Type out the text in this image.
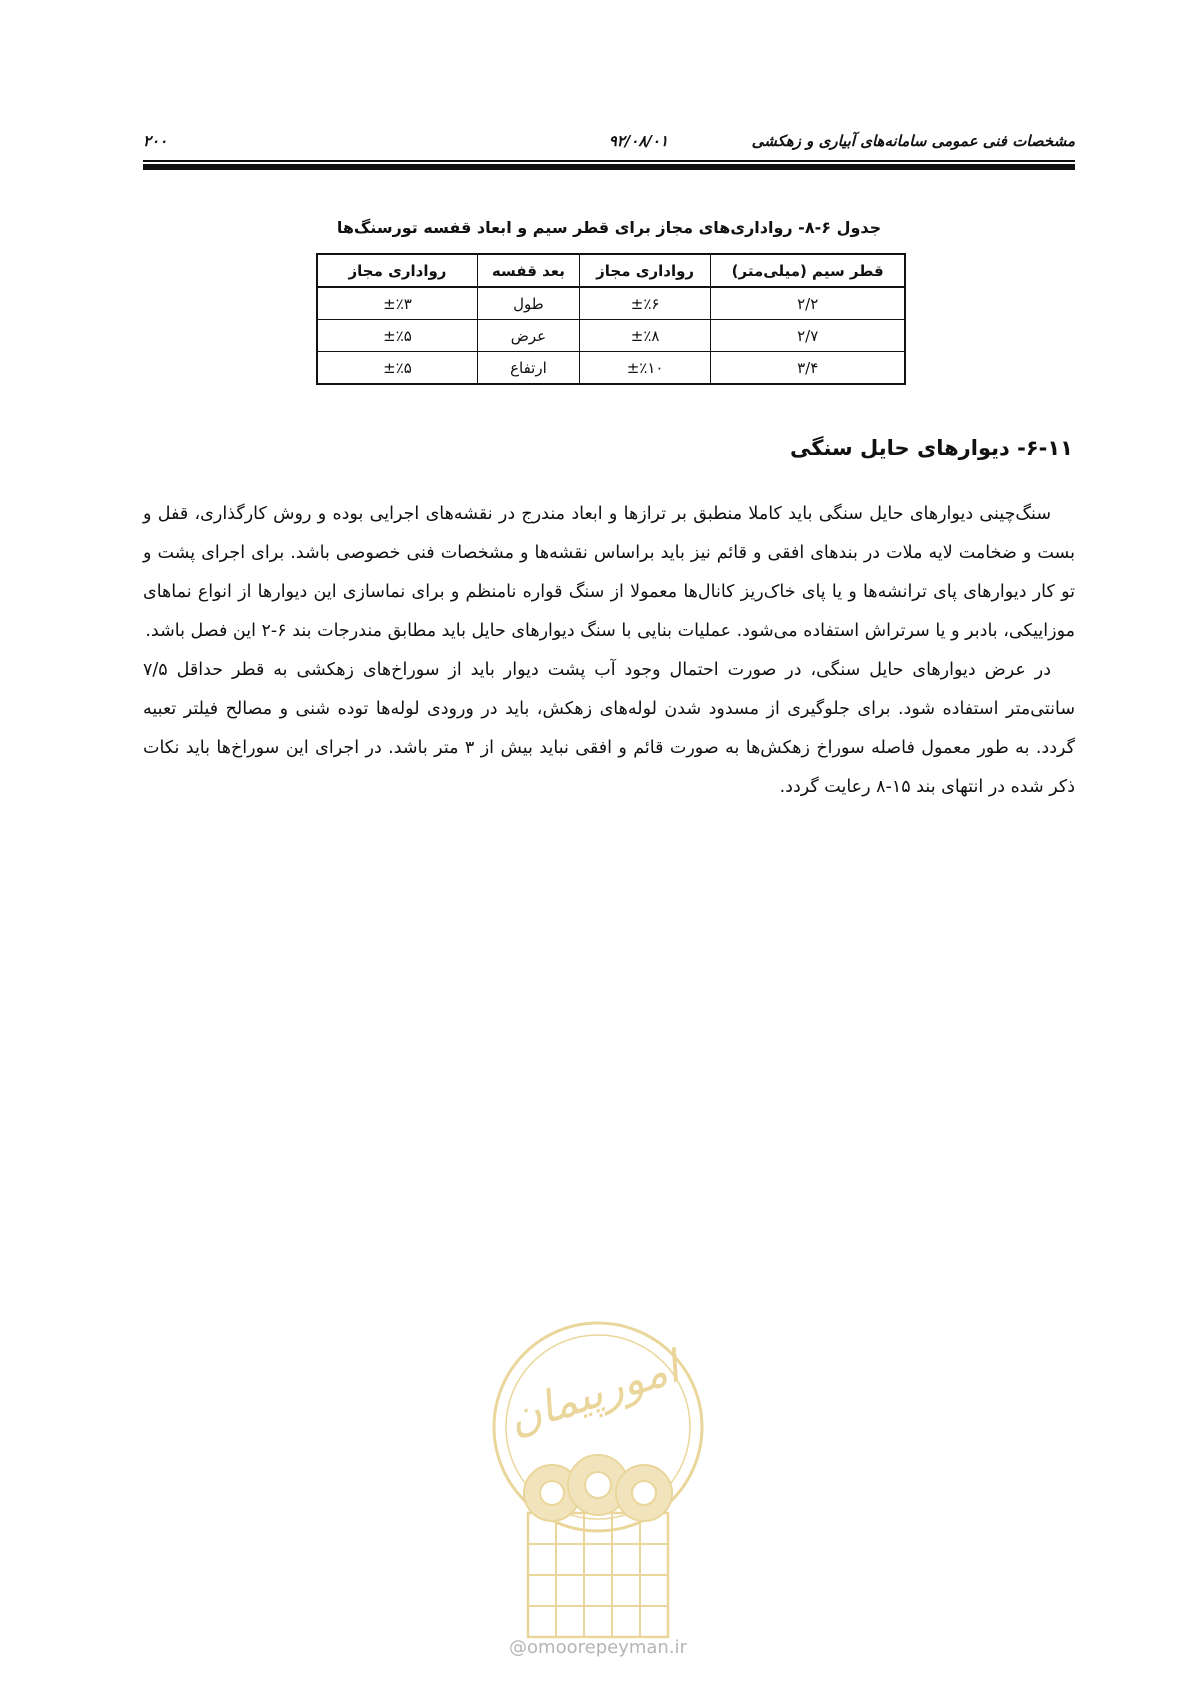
مشخصات فنی عمومی سامانه‌های آبیاری و زهکشی
۹۲/۰۸/۰۱
۲۰۰
جدول ۶-۸- رواداری‌های مجاز برای قطر سیم و ابعاد قفسه تورسنگ‌ها
قطر سیم (میلی‌متر)	رواداری مجاز	بعد قفسه	رواداری مجاز
۲/۲	±٪۶	طول	±٪۳
۲/۷	±٪۸	عرض	±٪۵
۳/۴	±٪۱۰	ارتفاع	±٪۵
۶-۱۱- دیوارهای حایل سنگی

سنگ‌چینی دیوارهای حایل سنگی باید کاملا منطبق بر ترازها و ابعاد مندرج در نقشه‌های اجرایی بوده و روش کارگذاری، قفل و بست و ضخامت لایه ملات در بندهای افقی و قائم نیز باید براساس نقشه‌ها و مشخصات فنی خصوصی باشد. برای اجرای پشت و تو کار دیوارهای پای ترانشه‌ها و یا پای خاک‌ریز کانال‌ها معمولا از سنگ قواره نامنظم و برای نماسازی این دیوارها از انواع نماهای موزاییکی، بادبر و یا سرتراش استفاده می‌شود. عملیات بنایی با سنگ دیوارهای حایل باید مطابق مندرجات بند ۶-۲ این فصل باشد.

در عرض دیوارهای حایل سنگی، در صورت احتمال وجود آب پشت دیوار باید از سوراخ‌های زهکشی به قطر حداقل ۷/۵ سانتی‌متر استفاده شود. برای جلوگیری از مسدود شدن لوله‌های زهکش، باید در ورودی لوله‌ها توده شنی و مصالح فیلتر تعبیه گردد. به طور معمول فاصله سوراخ زهکش‌ها به صورت قائم و افقی نباید بیش از ۳ متر باشد. در اجرای این سوراخ‌ها باید نکات ذکر شده در انتهای بند ۱۵-۸ رعایت گردد.

امورپیمان
@omoorepeyman.ir
